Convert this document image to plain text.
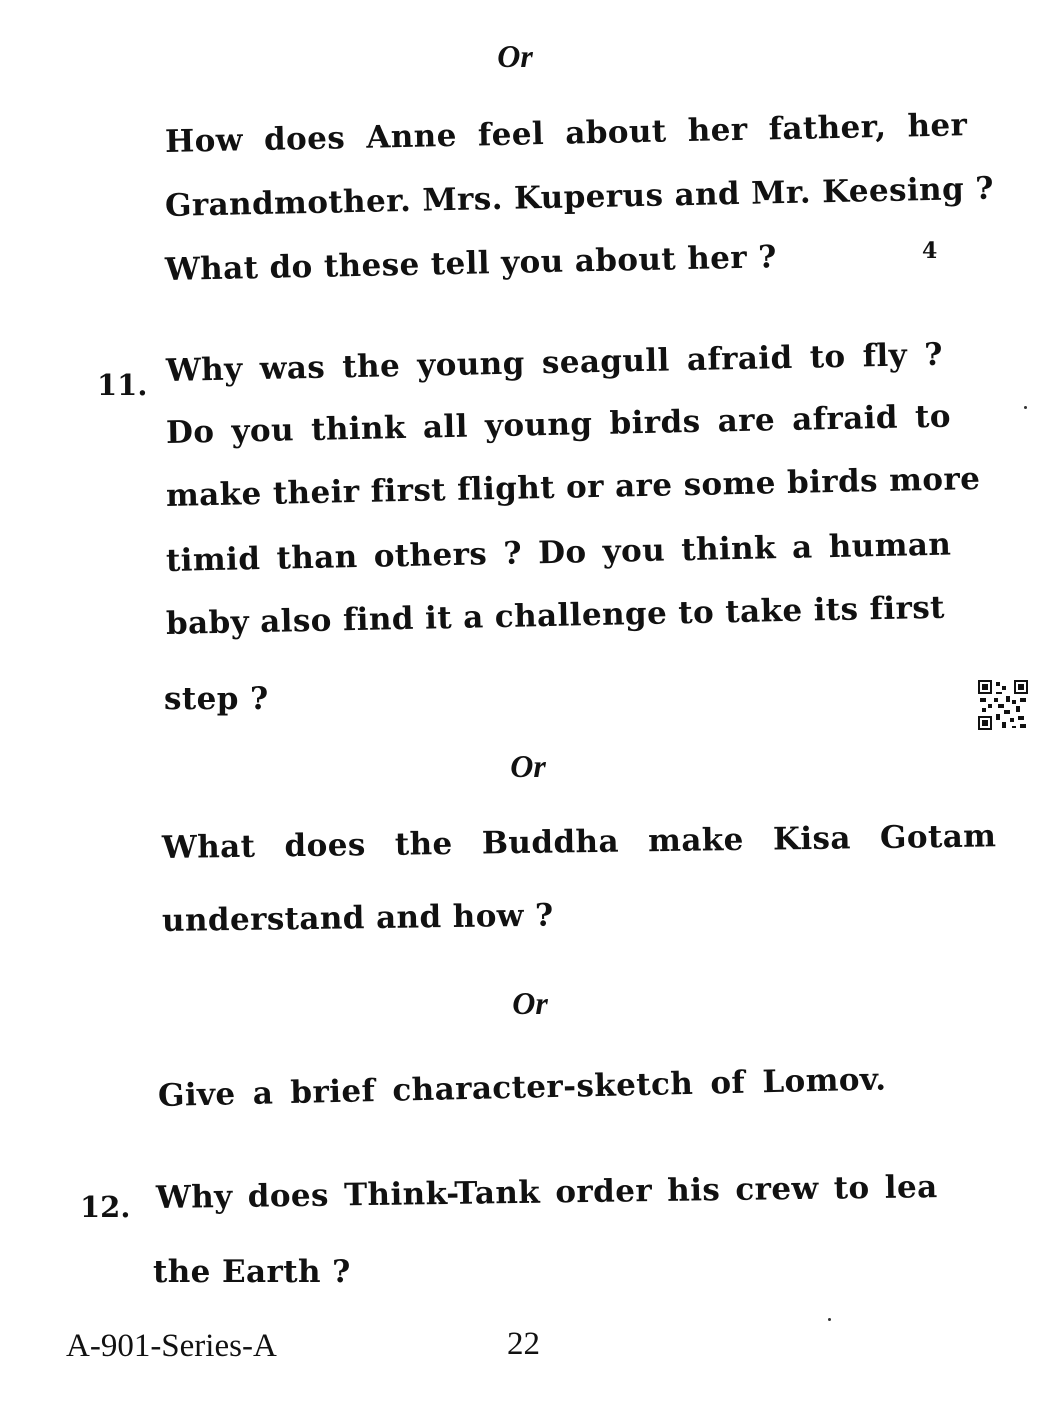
Or
How does Anne feel about her father, her
Grandmother. Mrs. Kuperus and Mr. Keesing ?
What do these tell you about her ?	4
11. Why was the young seagull afraid to fly ?
Do you think all young birds are afraid to
make their first flight or are some birds more
timid than others ? Do you think a human
baby also find it a challenge to take its first
step ?
Or
What does the Buddha make Kisa Gotam
understand and how ?
Or
Give a brief character-sketch of Lomov.
12. Why does Think-Tank order his crew to lea
the Earth ?
A-901-Series-A	22
